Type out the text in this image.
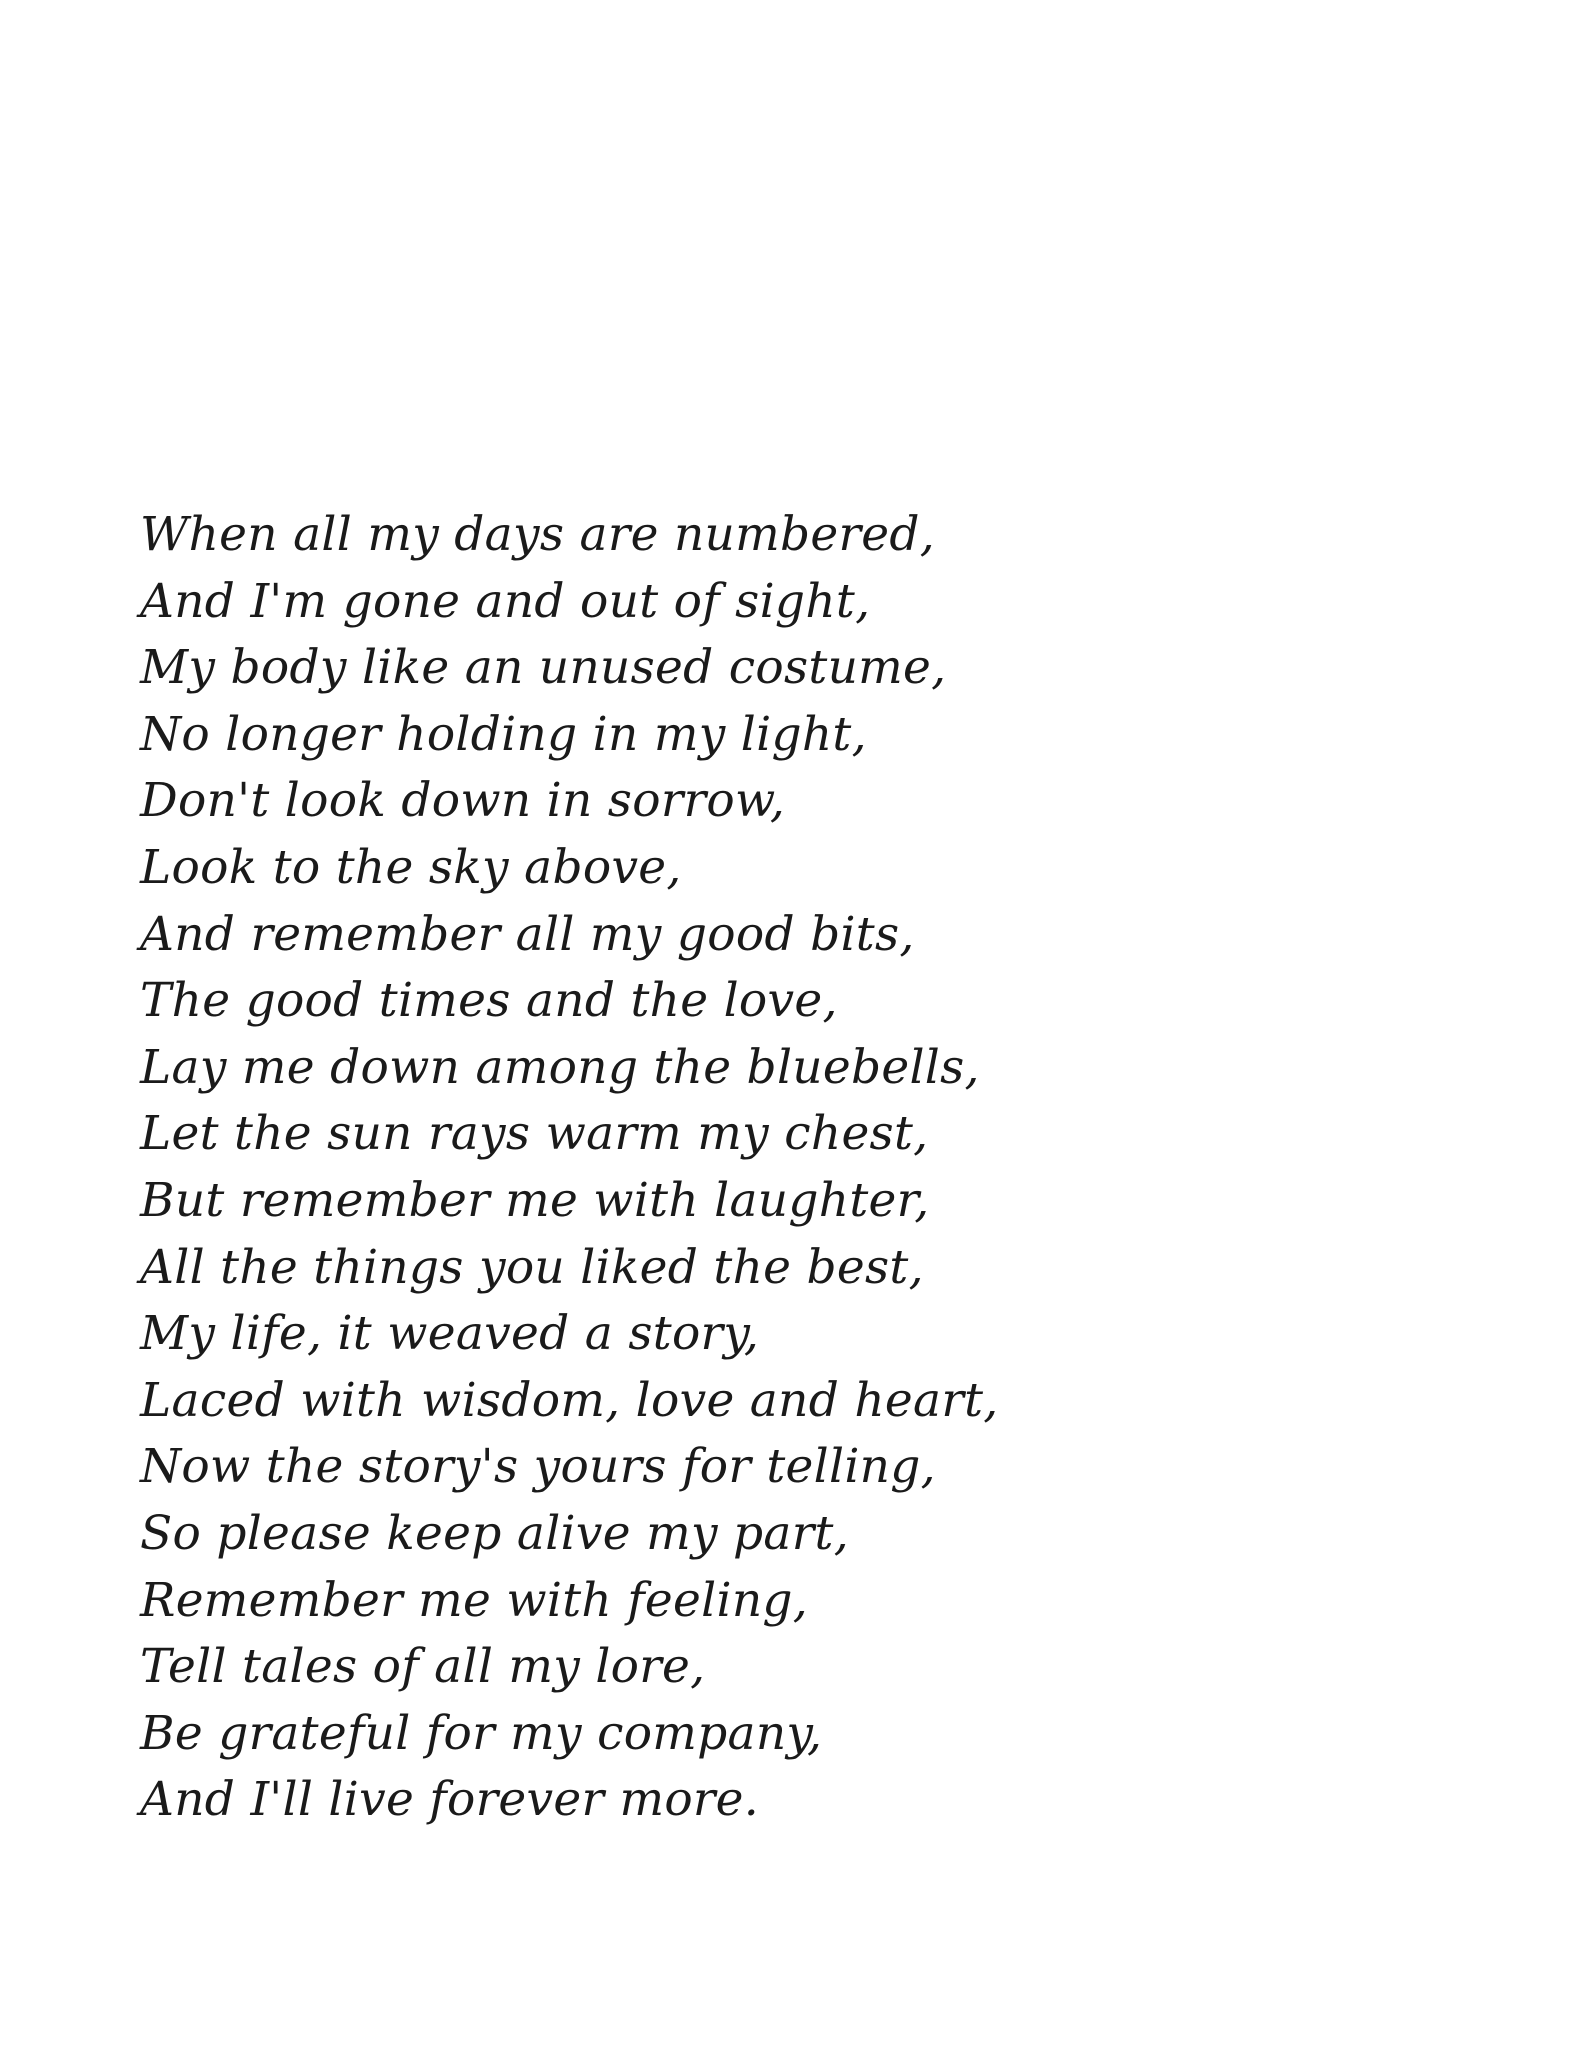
When all my days are numbered,
And I'm gone and out of sight,
My body like an unused costume,
No longer holding in my light,
Don't look down in sorrow,
Look to the sky above,
And remember all my good bits,
The good times and the love,
Lay me down among the bluebells,
Let the sun rays warm my chest,
But remember me with laughter,
All the things you liked the best,
My life, it weaved a story,
Laced with wisdom, love and heart,
Now the story's yours for telling,
So please keep alive my part,
Remember me with feeling,
Tell tales of all my lore,
Be grateful for my company,
And I'll live forever more.
